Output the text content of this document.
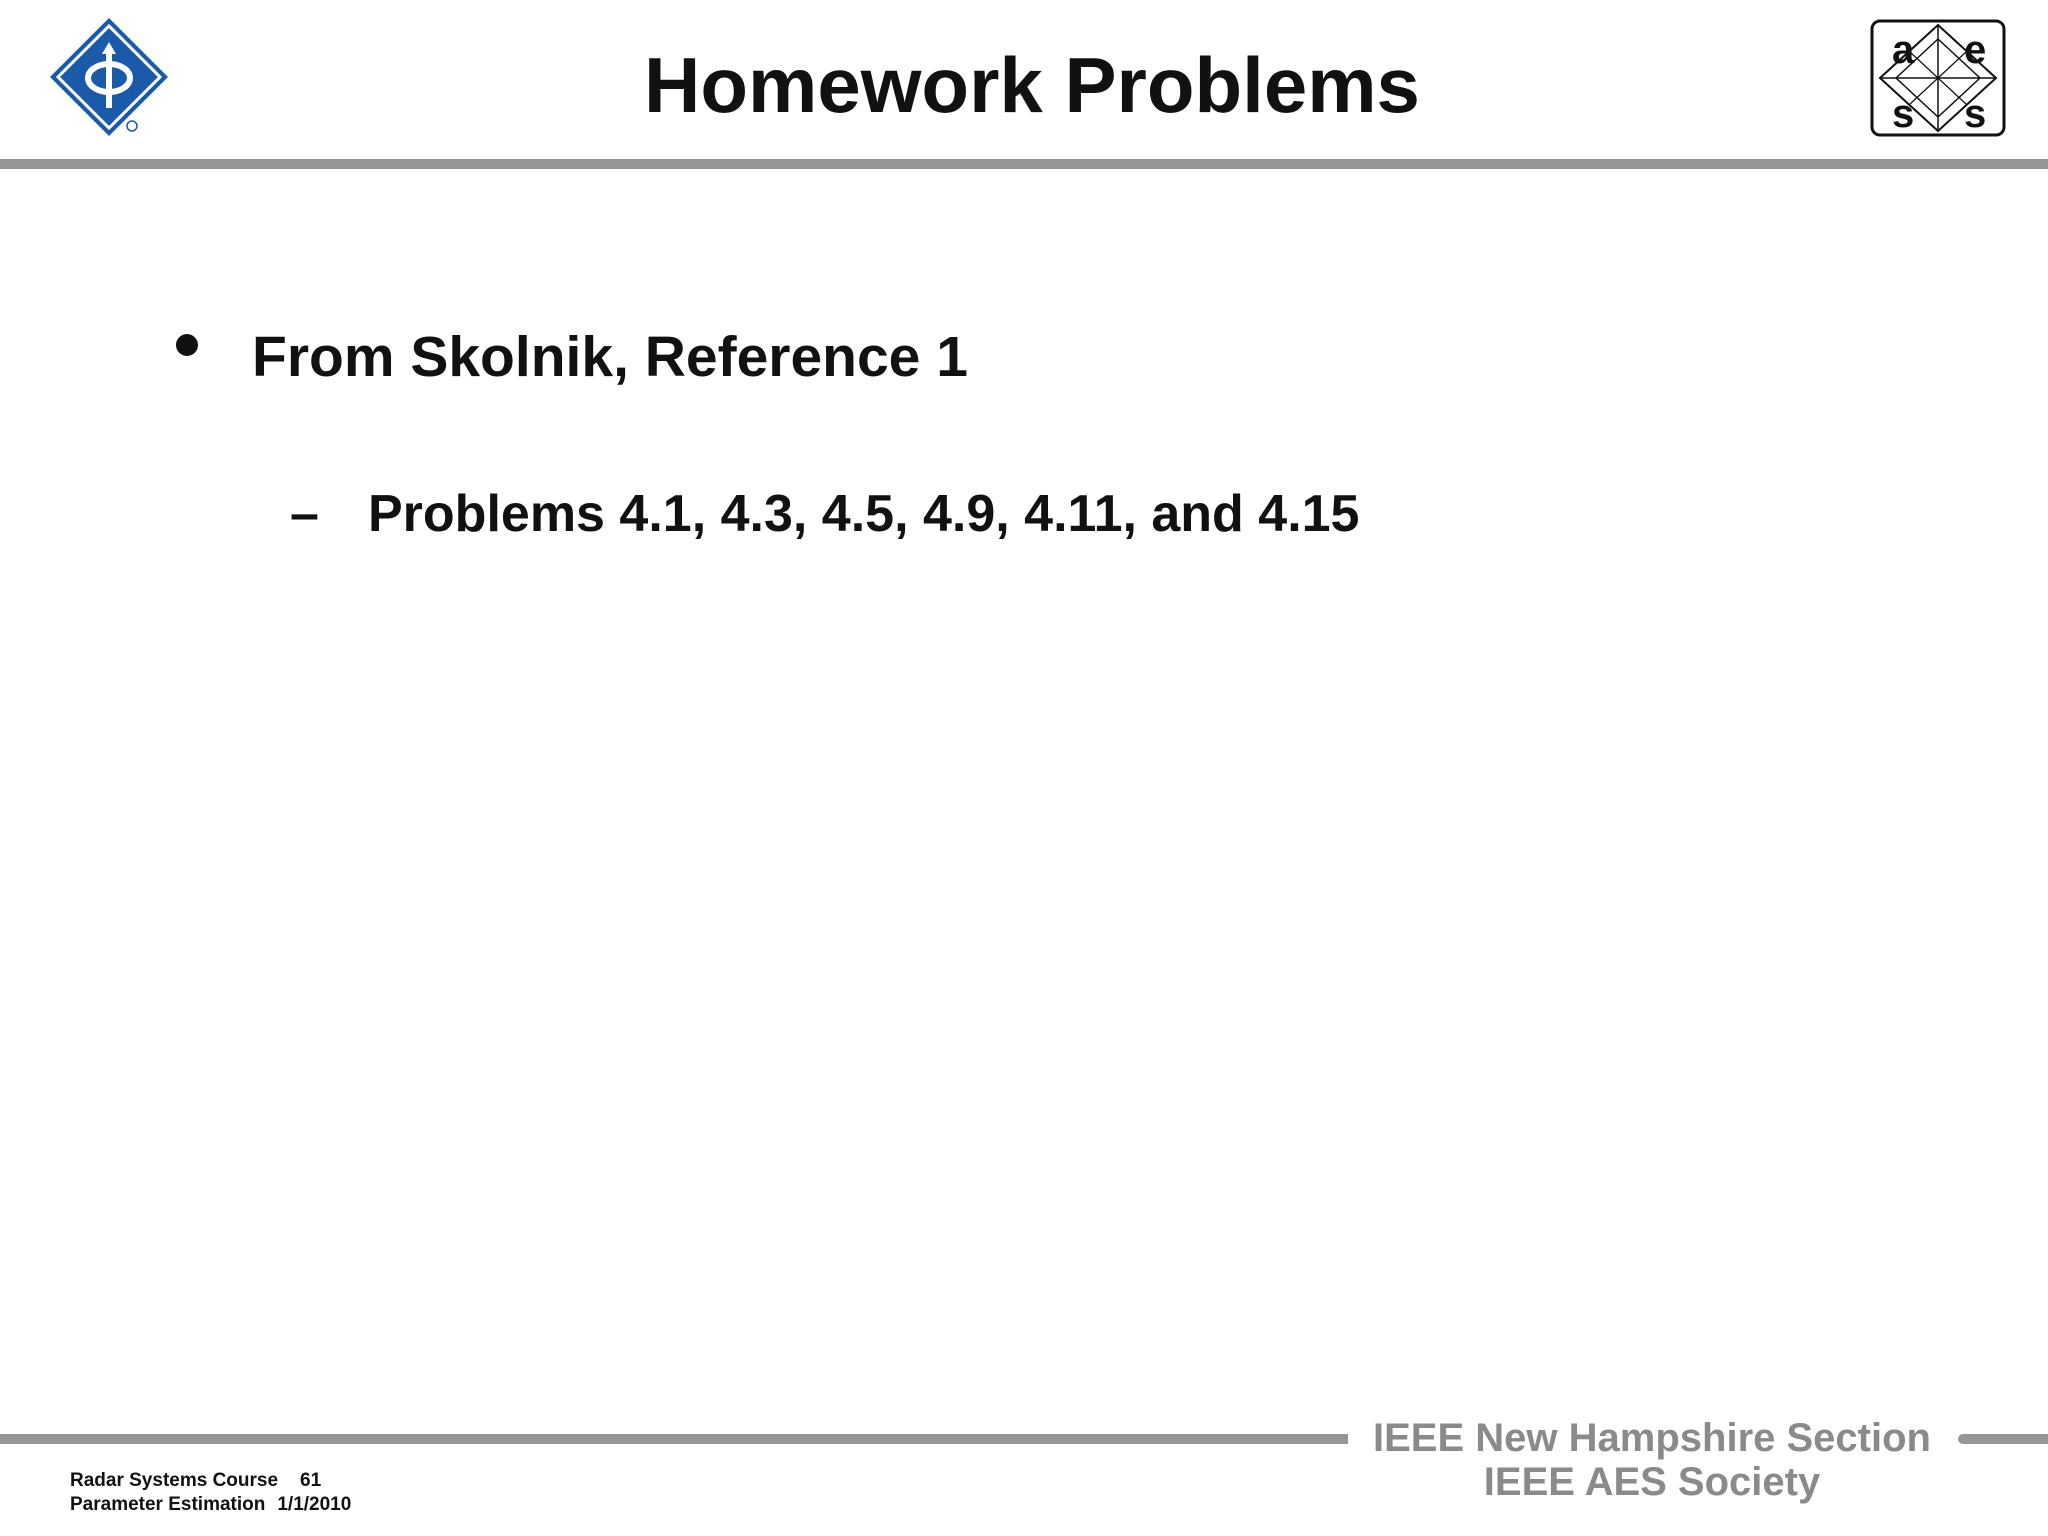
Homework Problems	a e
s s
From Skolnik, Reference 1
– Problems 4.1, 4.3, 4.5, 4.9, 4.11, and 4.15
IEEE New Hampshire Section
IEEE AES Society
Radar Systems Course 61
Parameter Estimation 1/1/2010
